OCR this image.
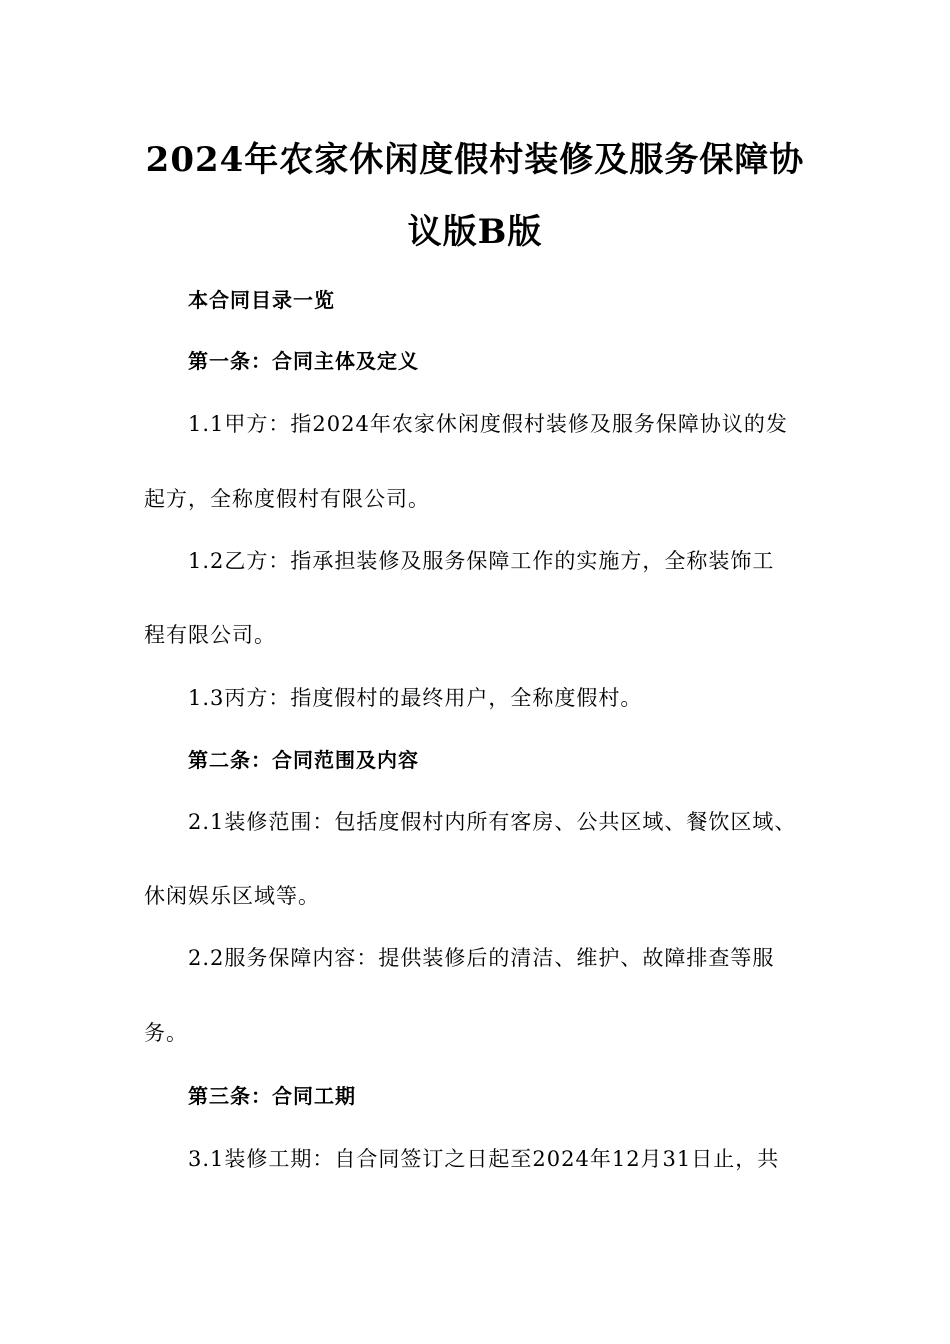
2024年农家休闲度假村装修及服务保障协
议版B版
本合同目录一览
第一条：合同主体及定义
1.1甲方：指2024年农家休闲度假村装修及服务保障协议的发
起方，全称度假村有限公司。
1.2乙方：指承担装修及服务保障工作的实施方，全称装饰工
程有限公司。
1.3丙方：指度假村的最终用户，全称度假村。
第二条：合同范围及内容
2.1装修范围：包括度假村内所有客房、公共区域、餐饮区域、
休闲娱乐区域等。
2.2服务保障内容：提供装修后的清洁、维护、故障排查等服
务。
第三条：合同工期
3.1装修工期：自合同签订之日起至2024年12月31日止，共
